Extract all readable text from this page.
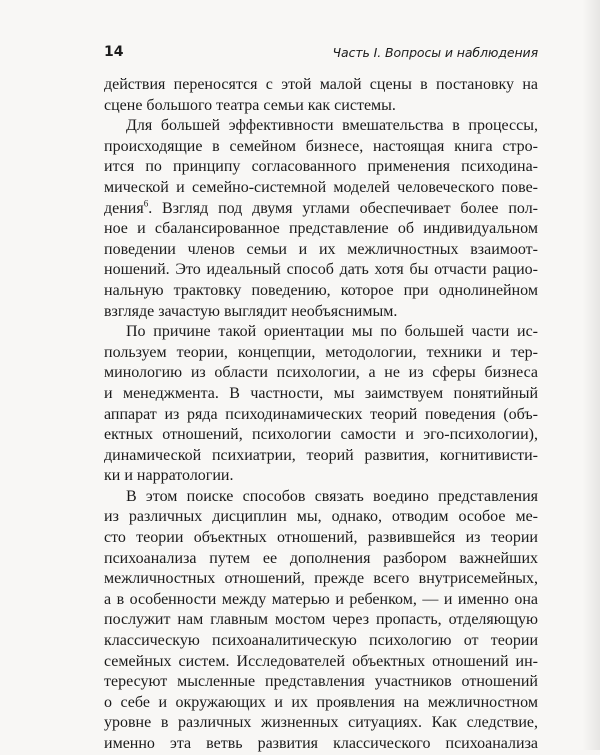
14	Часть I. Вопросы и наблюдения
действия переносятся с этой малой сцены в постановку на
сцене большого театра семьи как системы.
Для большей эффективности вмешательства в процессы,
происходящие в семейном бизнесе, настоящая книга стро-
ится по принципу согласованного применения психодина-
мической и семейно-системной моделей человеческого пове-
дения$^6$. Взгляд под двумя углами обеспечивает более пол-
ное и сбалансированное представление об индивидуальном
поведении членов семьи и их межличностных взаимоот-
ношений. Это идеальный способ дать хотя бы отчасти рацио-
нальную трактовку поведению, которое при однолинейном
взгляде зачастую выглядит необъяснимым.
По причине такой ориентации мы по большей части ис-
пользуем теории, концепции, методологии, техники и тер-
минологию из области психологии, а не из сферы бизнеса
и менеджмента. В частности, мы заимствуем понятийный
аппарат из ряда психодинамических теорий поведения (объ-
ектных отношений, психологии самости и эго-психологии),
динамической психиатрии, теорий развития, когнитивисти-
ки и нарратологии.
В этом поиске способов связать воедино представления
из различных дисциплин мы, однако, отводим особое ме-
сто теории объектных отношений, развившейся из теории
психоанализа путем ее дополнения разбором важнейших
межличностных отношений, прежде всего внутрисемейных,
а в особенности между матерью и ребенком, — и именно она
послужит нам главным мостом через пропасть, отделяющую
классическую психоаналитическую психологию от теории
семейных систем. Исследователей объектных отношений ин-
тересуют мысленные представления участников отношений
о себе и окружающих и их проявления на межличностном
уровне в различных жизненных ситуациях. Как следствие,
именно эта ветвь развития классического психоанализа
